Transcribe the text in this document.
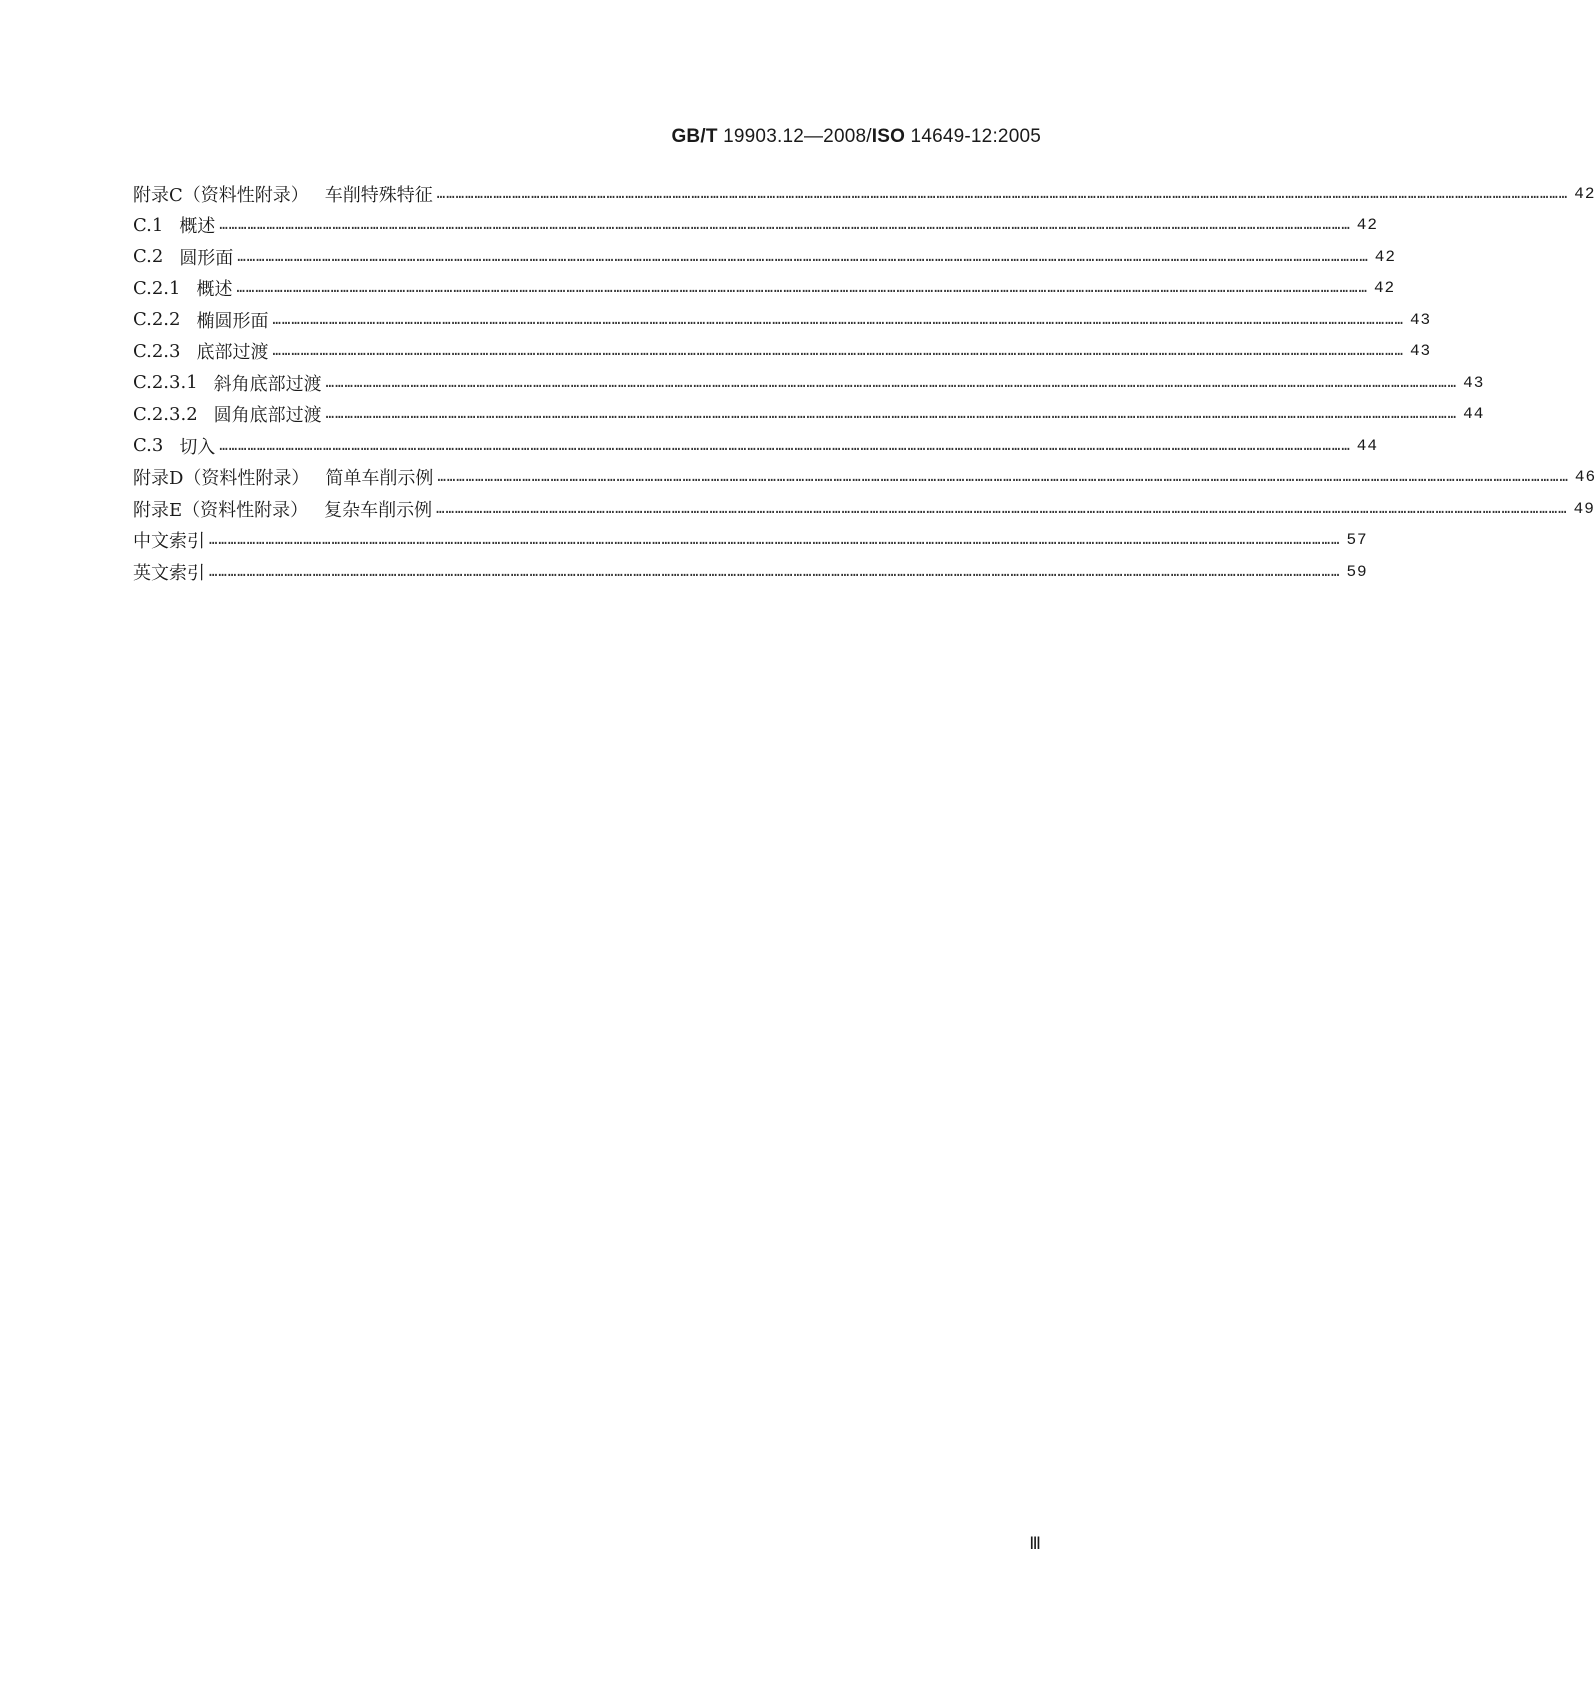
GB/T 19903.12—2008/ISO 14649-12:2005
附录C（资料性附录） 车削特殊特征 ……………………………………………………………………………………………………………………………………………………………………………………………………………………………………………………………………………………………………………………………… 42
C.1 概述 ……………………………………………………………………………………………………………………………………………………………………………………………………………………………………………………………………………………………………………………………… 42
C.2 圆形面 ……………………………………………………………………………………………………………………………………………………………………………………………………………………………………………………………………………………………………………………………… 42
C.2.1 概述 ……………………………………………………………………………………………………………………………………………………………………………………………………………………………………………………………………………………………………………………………… 42
C.2.2 椭圆形面 ……………………………………………………………………………………………………………………………………………………………………………………………………………………………………………………………………………………………………………………………… 43
C.2.3 底部过渡 ……………………………………………………………………………………………………………………………………………………………………………………………………………………………………………………………………………………………………………………………… 43
C.2.3.1 斜角底部过渡 ……………………………………………………………………………………………………………………………………………………………………………………………………………………………………………………………………………………………………………………………… 43
C.2.3.2 圆角底部过渡 ……………………………………………………………………………………………………………………………………………………………………………………………………………………………………………………………………………………………………………………………… 44
C.3 切入 ……………………………………………………………………………………………………………………………………………………………………………………………………………………………………………………………………………………………………………………………… 44
附录D（资料性附录） 简单车削示例 ……………………………………………………………………………………………………………………………………………………………………………………………………………………………………………………………………………………………………………………………… 46
附录E（资料性附录） 复杂车削示例 ……………………………………………………………………………………………………………………………………………………………………………………………………………………………………………………………………………………………………………………………… 49
中文索引 ……………………………………………………………………………………………………………………………………………………………………………………………………………………………………………………………………………………………………………………………… 57
英文索引 ……………………………………………………………………………………………………………………………………………………………………………………………………………………………………………………………………………………………………………………………… 59
Ⅲ
